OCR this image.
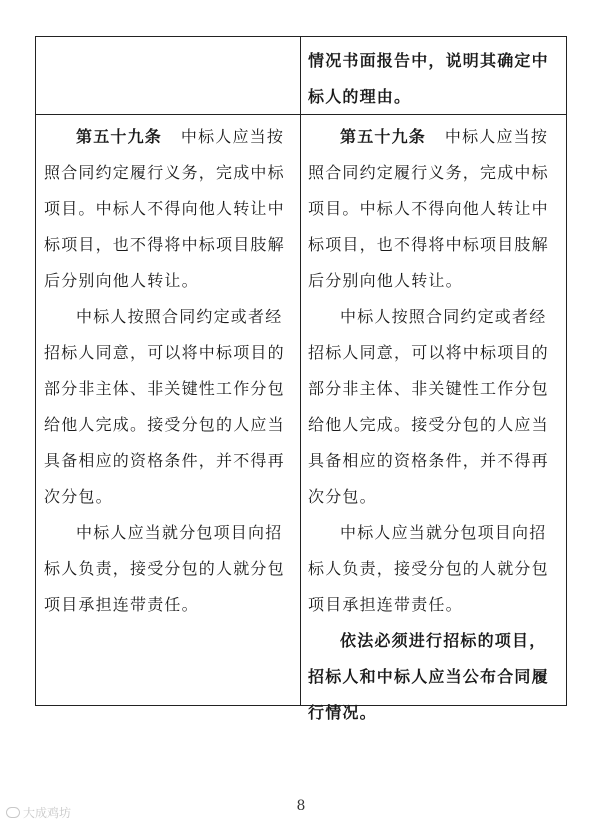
情况书面报告中，说明其确定中标人的理由。

第五十九条 中标人应当按照合同约定履行义务，完成中标项目。中标人不得向他人转让中标项目，也不得将中标项目肢解后分别向他人转让。

中标人按照合同约定或者经招标人同意，可以将中标项目的部分非主体、非关键性工作分包给他人完成。接受分包的人应当具备相应的资格条件，并不得再次分包。

中标人应当就分包项目向招标人负责，接受分包的人就分包项目承担连带责任。

第五十九条 中标人应当按照合同约定履行义务，完成中标项目。中标人不得向他人转让中标项目，也不得将中标项目肢解后分别向他人转让。

中标人按照合同约定或者经招标人同意，可以将中标项目的部分非主体、非关键性工作分包给他人完成。接受分包的人应当具备相应的资格条件，并不得再次分包。

中标人应当就分包项目向招标人负责，接受分包的人就分包项目承担连带责任。

依法必须进行招标的项目，招标人和中标人应当公布合同履行情况。

8
大成鸡坊
